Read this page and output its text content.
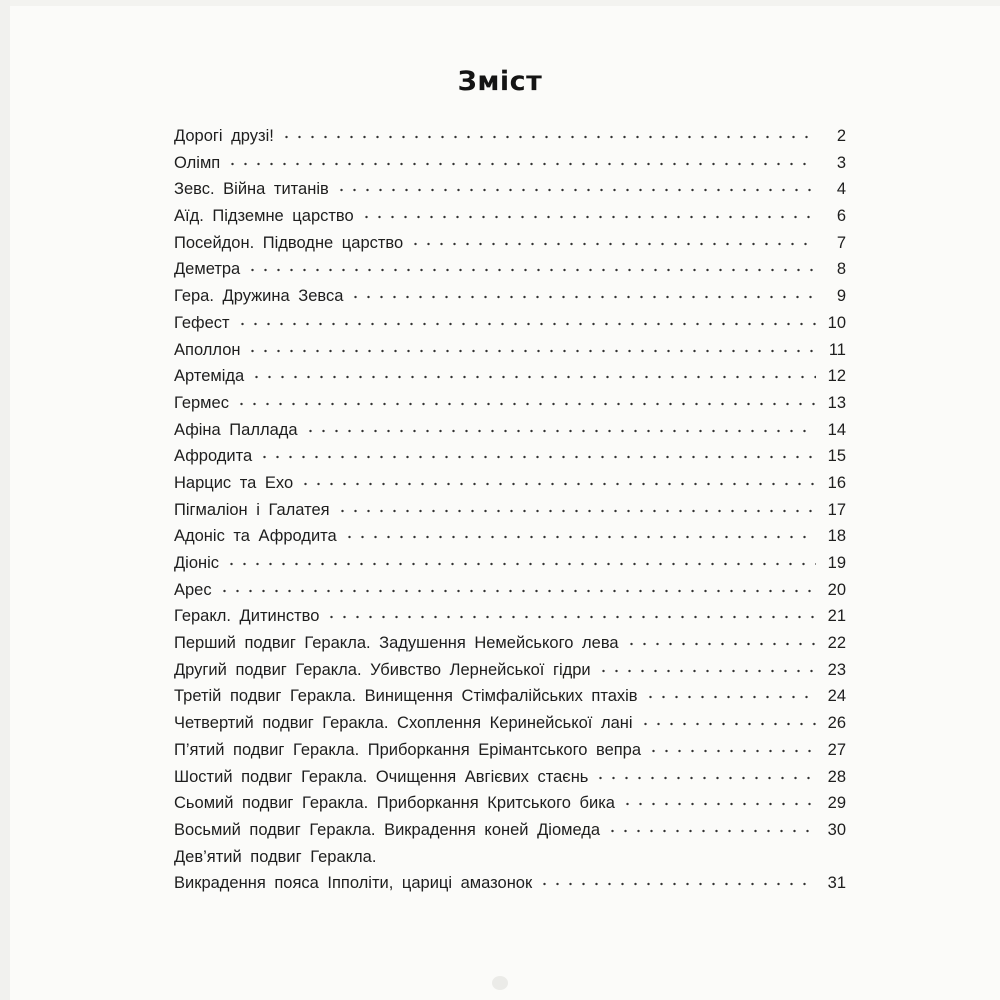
Зміст
Дорогі друзі!	2
Олімп	3
Зевс. Війна титанів	4
Аїд. Підземне царство	6
Посейдон. Підводне царство	7
Деметра	8
Гера. Дружина Зевса	9
Гефест	10
Аполлон	11
Артеміда	12
Гермес	13
Афіна Паллада	14
Афродита	15
Нарцис та Ехо	16
Пігмаліон і Галатея	17
Адоніс та Афродита	18
Діоніс	19
Арес	20
Геракл. Дитинство	21
Перший подвиг Геракла. Задушення Немейського лева	22
Другий подвиг Геракла. Убивство Лернейської гідри	23
Третій подвиг Геракла. Винищення Стімфалійських птахів	24
Четвертий подвиг Геракла. Схоплення Керинейської лані	26
П’ятий подвиг Геракла. Приборкання Ерімантського вепра	27
Шостий подвиг Геракла. Очищення Авгієвих стаєнь	28
Сьомий подвиг Геракла. Приборкання Критського бика	29
Восьмий подвиг Геракла. Викрадення коней Діомеда	30
Дев’ятий подвиг Геракла.
Викрадення пояса Іпполіти, цариці амазонок	31
